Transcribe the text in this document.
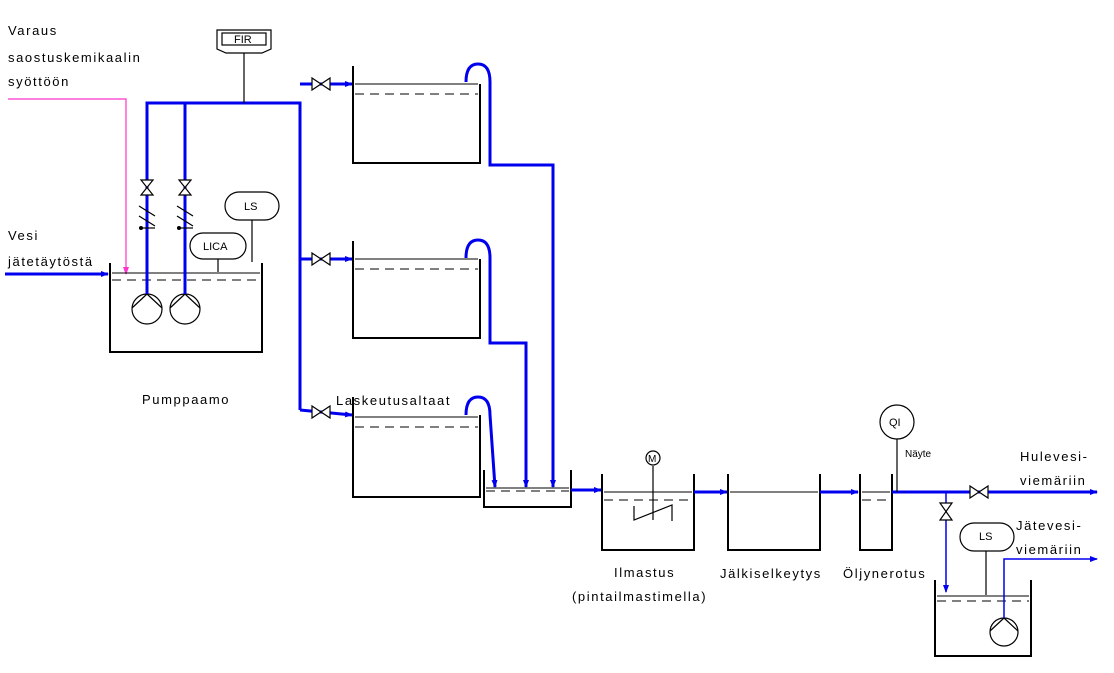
Varaus
saostuskemikaalin
syöttöön
Vesi
jätetäytöstä
Pumppaamo	Laskeutusaltaat
Ilmastus
(pintailmastimella)
Jälkiselkeytys Öljynerotus
Hulevesi-
viemäriin
Jätevesi-
viemäriin
FIR
LS
LICA
M
QI
Näyte
LS
